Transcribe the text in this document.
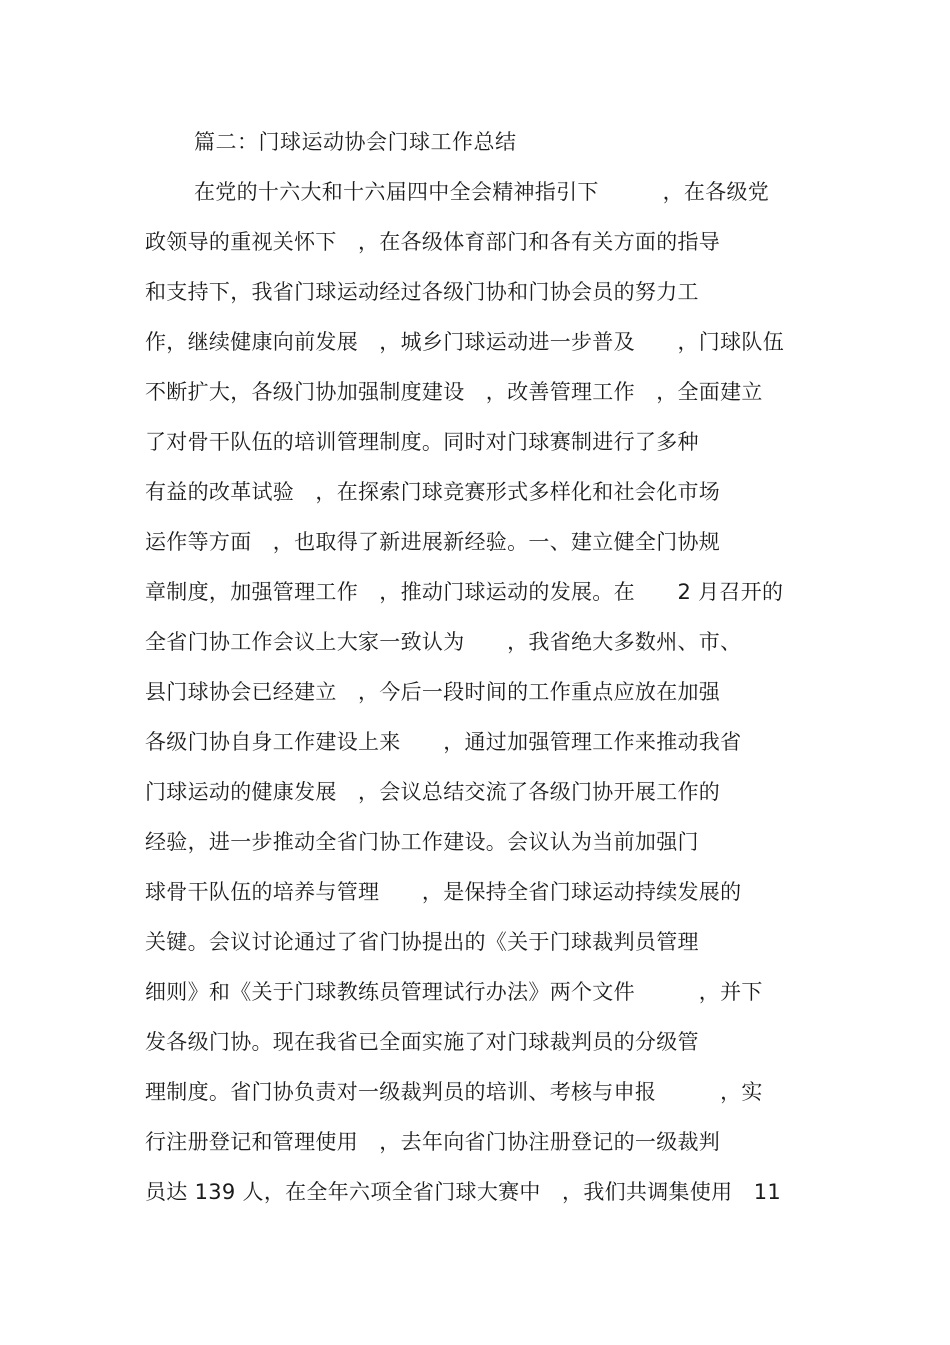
篇二：门球运动协会门球工作总结
在党的十六大和十六届四中全会精神指引下　　　，在各级党
政领导的重视关怀下　，在各级体育部门和各有关方面的指导
和支持下，我省门球运动经过各级门协和门协会员的努力工
作，继续健康向前发展　，城乡门球运动进一步普及　　，门球队伍
不断扩大，各级门协加强制度建设　，改善管理工作　，全面建立
了对骨干队伍的培训管理制度。同时对门球赛制进行了多种
有益的改革试验　，在探索门球竞赛形式多样化和社会化市场
运作等方面　，也取得了新进展新经验。一、建立健全门协规
章制度，加强管理工作　，推动门球运动的发展。在　　2 月召开的
全省门协工作会议上大家一致认为　　，我省绝大多数州、市、
县门球协会已经建立　，今后一段时间的工作重点应放在加强
各级门协自身工作建设上来　　，通过加强管理工作来推动我省
门球运动的健康发展　，会议总结交流了各级门协开展工作的
经验，进一步推动全省门协工作建设。会议认为当前加强门
球骨干队伍的培养与管理　　，是保持全省门球运动持续发展的
关键。会议讨论通过了省门协提出的《关于门球裁判员管理
细则》和《关于门球教练员管理试行办法》两个文件　　　，并下
发各级门协。现在我省已全面实施了对门球裁判员的分级管
理制度。省门协负责对一级裁判员的培训、考核与申报　　　，实
行注册登记和管理使用　，去年向省门协注册登记的一级裁判
员达 139 人，在全年六项全省门球大赛中　，我们共调集使用　11
